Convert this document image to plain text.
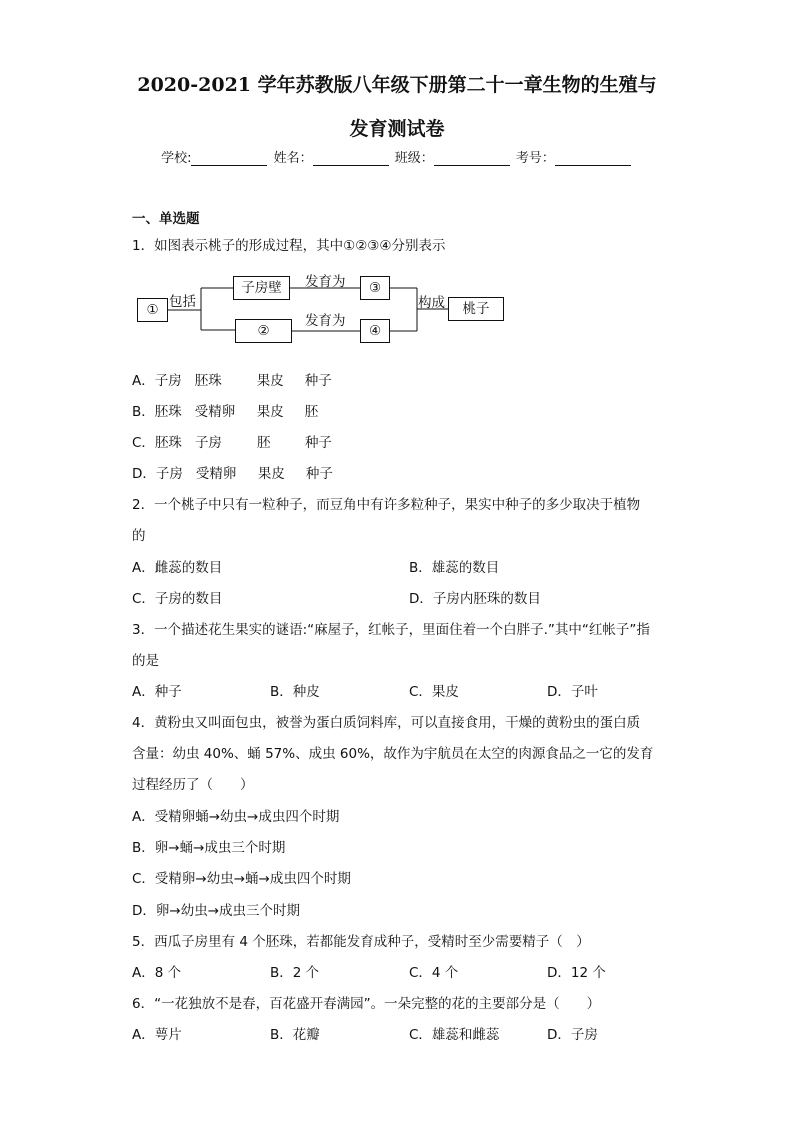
2020-2021 学年苏教版八年级下册第二十一章生物的生殖与
发育测试卷
学校:	姓名：	班级：	考号：
一、单选题
1．如图表示桃子的形成过程，其中①②③④分别表示
① 包括
子房壁
②
发育为
发育为
③
④
构成	桃子
A．子房 胚珠	果皮 种子
B．胚珠 受精卵 果皮 胚
C．胚珠 子房	胚	种子
D．子房 受精卵 果皮 种子
2．一个桃子中只有一粒种子，而豆角中有许多粒种子，果实中种子的多少取决于植物
的
A．雌蕊的数目	B．雄蕊的数目
C．子房的数目	D．子房内胚珠的数目
3．一个描述花生果实的谜语:“麻屋子，红帐子，里面住着一个白胖子.”其中“红帐子”指
的是
A．种子	B．种皮	C．果皮	D．子叶
4．黄粉虫又叫面包虫，被誉为蛋白质饲料库，可以直接食用，干燥的黄粉虫的蛋白质
含量：幼虫 40%、蛹 57%、成虫 60%，故作为宇航员在太空的肉源食品之一它的发育
过程经历了（　　）
A．受精卵蛹→幼虫→成虫四个时期
B．卵→蛹→成虫三个时期
C．受精卵→幼虫→蛹→成虫四个时期
D．卵→幼虫→成虫三个时期
5．西瓜子房里有 4 个胚珠，若都能发育成种子，受精时至少需要精子（　）
A．8 个	B．2 个	C．4 个	D．12 个
6．“一花独放不是春，百花盛开春满园”。一朵完整的花的主要部分是（　　）
A．萼片	B．花瓣	C．雄蕊和雌蕊	D．子房
